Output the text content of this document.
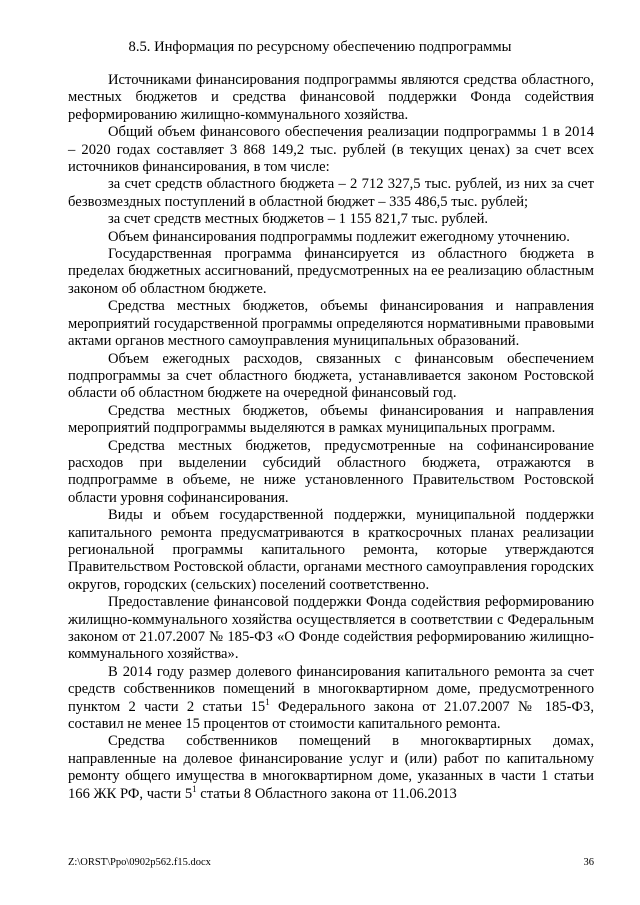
8.5. Информация по ресурсному обеспечению подпрограммы

Источниками финансирования подпрограммы являются средства областного, местных бюджетов и средства финансовой поддержки Фонда содействия реформированию жилищно-коммунального хозяйства.

Общий объем финансового обеспечения реализации подпрограммы 1 в 2014 – 2020 годах составляет 3 868 149,2 тыс. рублей (в текущих ценах) за счет всех источников финансирования, в том числе:

за счет средств областного бюджета – 2 712 327,5 тыс. рублей, из них за счет безвозмездных поступлений в областной бюджет – 335 486,5 тыс. рублей;

за счет средств местных бюджетов – 1 155 821,7 тыс. рублей.

Объем финансирования подпрограммы подлежит ежегодному уточнению.

Государственная программа финансируется из областного бюджета в пределах бюджетных ассигнований, предусмотренных на ее реализацию областным законом об областном бюджете.

Средства местных бюджетов, объемы финансирования и направления мероприятий государственной программы определяются нормативными правовыми актами органов местного самоуправления муниципальных образований.

Объем ежегодных расходов, связанных с финансовым обеспечением подпрограммы за счет областного бюджета, устанавливается законом Ростовской области об областном бюджете на очередной финансовый год.

Средства местных бюджетов, объемы финансирования и направления мероприятий подпрограммы выделяются в рамках муниципальных программ.

Средства местных бюджетов, предусмотренные на софинансирование расходов при выделении субсидий областного бюджета, отражаются в подпрограмме в объеме, не ниже установленного Правительством Ростовской области уровня софинансирования.

Виды и объем государственной поддержки, муниципальной поддержки капитального ремонта предусматриваются в краткосрочных планах реализации региональной программы капитального ремонта, которые утверждаются Правительством Ростовской области, органами местного самоуправления городских округов, городских (сельских) поселений соответственно.

Предоставление финансовой поддержки Фонда содействия реформированию жилищно-коммунального хозяйства осуществляется в соответствии с Федеральным законом от 21.07.2007 № 185-ФЗ «О Фонде содействия реформированию жилищно-коммунального хозяйства».

В 2014 году размер долевого финансирования капитального ремонта за счет средств собственников помещений в многоквартирном доме, предусмотренного пунктом 2 части 2 статьи $15^1$ Федерального закона от 21.07.2007 № 185-ФЗ, составил не менее 15 процентов от стоимости капитального ремонта.

Средства собственников помещений в многоквартирных домах, направленные на долевое финансирование услуг и (или) работ по капитальному ремонту общего имущества в многоквартирном доме, указанных в части 1 статьи 166 ЖК РФ, части $5^1$ статьи 8 Областного закона от 11.06.2013

Z:\ORST\Ppo\0902p562.f15.docx	36
